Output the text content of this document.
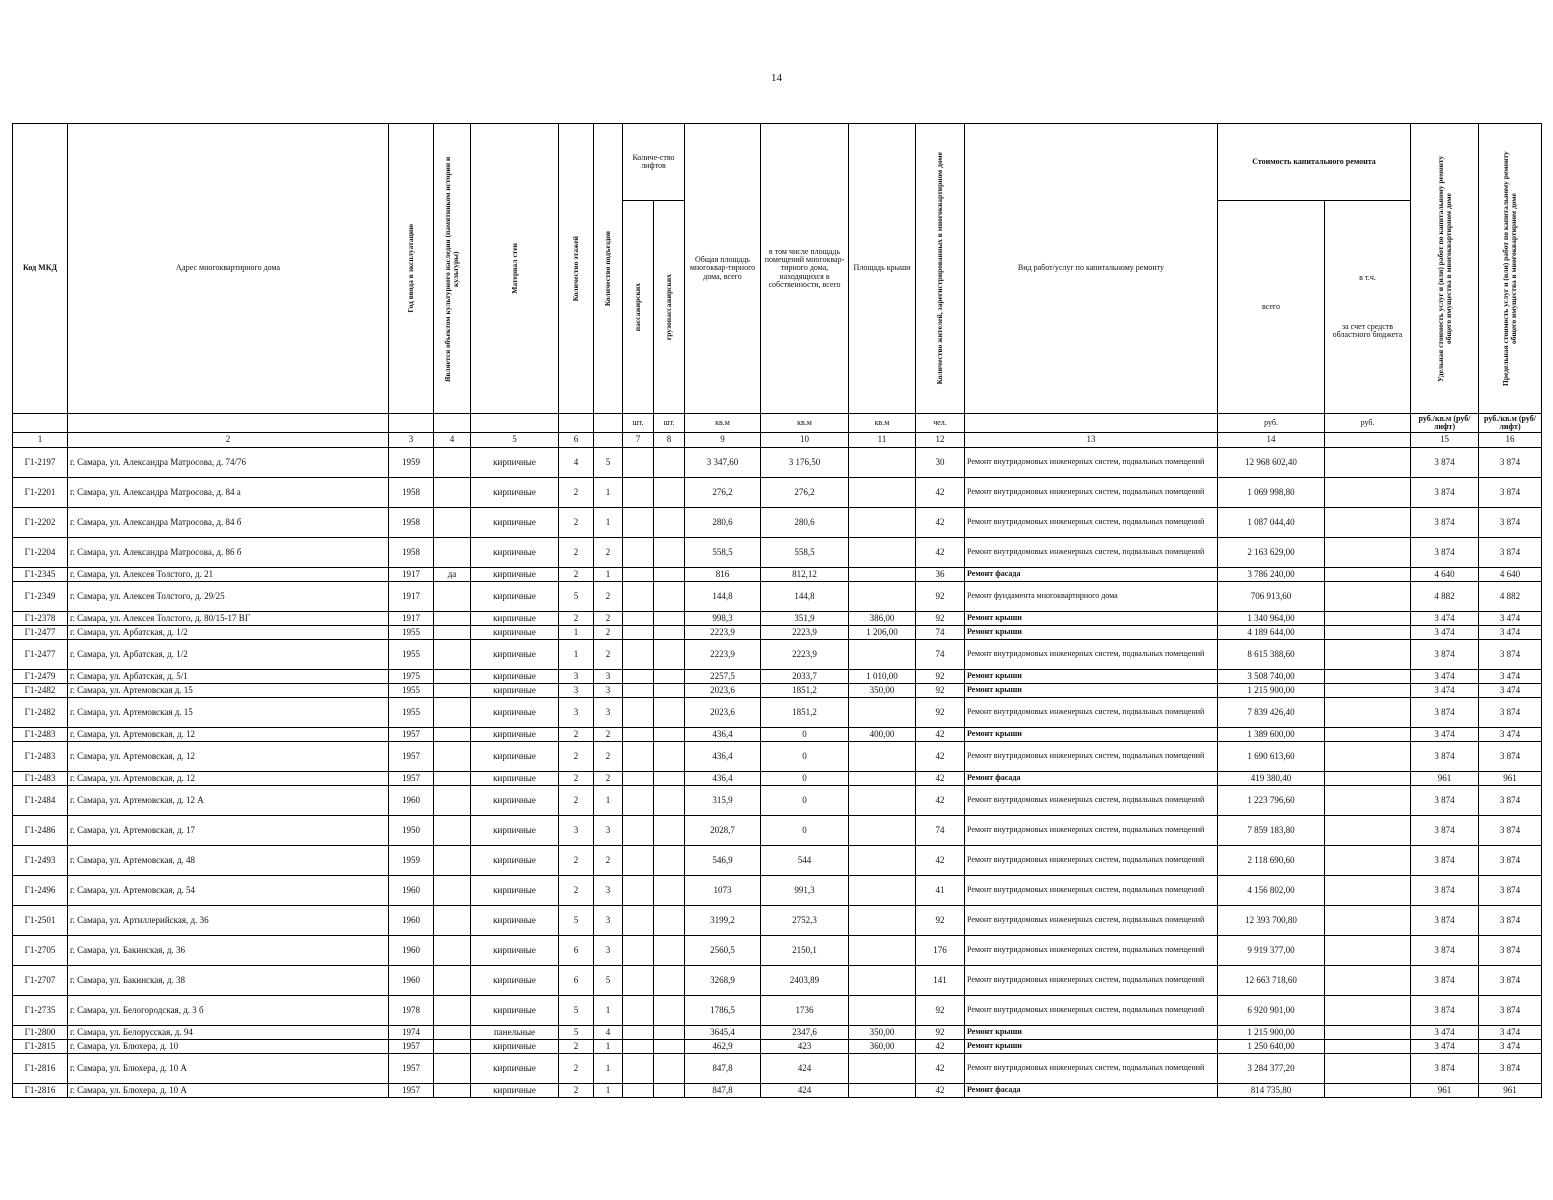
14
Код МКД	Адрес многоквартирного дома	Год ввода в эксплуатацию	Является объектом культурного наследия (памятником истории и культуры)	Материал стен	Количество этажей	Количество подъездов	Количе-ство лифтов		Общая площадь многоквар-тирного дома, всего	в том числе площадь помещений многоквар-тирного дома, находящихся в собственности, всего	Площадь крыши	Количество жителей, зарегистрированных в многоквартирном доме	Вид работ/услуг по капитальному ремонту	Стоимость капитального ремонта		Удельная стоимость услуг и (или) работ по капитальному ремонту общего имущества в многоквартирном доме	Предельная стоимость услуг и (или) работ по капитальному ремонту общего имущества в многоквартирном доме

							пассажирских	грузопассажирских						всего	в т.ч.
за счет средств областного бюджета		
							шт.	шт.	кв.м	кв.м	кв.м	чел.		руб.	руб.	руб./кв.м (руб/лифт)	руб./кв.м (руб/лифт)
1	2	3	4	5	6		7	8	9	10	11	12	13	14		15	16
Г1-2197	г. Самара, ул. Александра Матросова, д. 74/76	1959		кирпичные	4	5			3 347,60	3 176,50		30	Ремонт внутридомовых инженерных систем, подвальных помещений	12 968 602,40		3 874	3 874
Г1-2201	г. Самара, ул. Александра Матросова, д. 84 а	1958		кирпичные	2	1			276,2	276,2		42	Ремонт внутридомовых инженерных систем, подвальных помещений	1 069 998,80		3 874	3 874
Г1-2202	г. Самара, ул. Александра Матросова, д. 84 б	1958		кирпичные	2	1			280,6	280,6		42	Ремонт внутридомовых инженерных систем, подвальных помещений	1 087 044,40		3 874	3 874
Г1-2204	г. Самара, ул. Александра Матросова, д. 86 б	1958		кирпичные	2	2			558,5	558,5		42	Ремонт внутридомовых инженерных систем, подвальных помещений	2 163 629,00		3 874	3 874
Г1-2345	г. Самара, ул. Алексея Толстого, д. 21	1917	да	кирпичные	2	1			816	812,12		36	Ремонт фасада	3 786 240,00		4 640	4 640
Г1-2349	г. Самара, ул. Алексея Толстого, д. 29/25	1917		кирпичные	5	2			144,8	144,8		92	Ремонт фундамента многоквартирного дома	706 913,60		4 882	4 882
Г1-2378	г. Самара, ул. Алексея Толстого, д. 80/15-17 ВГ	1917		кирпичные	2	2			998,3	351,9	386,00	92	Ремонт крыши	1 340 964,00		3 474	3 474
Г1-2477	г. Самара, ул. Арбатская, д. 1/2	1955		кирпичные	1	2			2223,9	2223,9	1 206,00	74	Ремонт крыши	4 189 644,00		3 474	3 474
Г1-2477	г. Самара, ул. Арбатская, д. 1/2	1955		кирпичные	1	2			2223,9	2223,9		74	Ремонт внутридомовых инженерных систем, подвальных помещений	8 615 388,60		3 874	3 874
Г1-2479	г. Самара, ул. Арбатская, д. 5/1	1975		кирпичные	3	3			2257,5	2033,7	1 010,00	92	Ремонт крыши	3 508 740,00		3 474	3 474
Г1-2482	г. Самара, ул. Артемовская д. 15	1955		кирпичные	3	3			2023,6	1851,2	350,00	92	Ремонт крыши	1 215 900,00		3 474	3 474
Г1-2482	г. Самара, ул. Артемовская д. 15	1955		кирпичные	3	3			2023,6	1851,2		92	Ремонт внутридомовых инженерных систем, подвальных помещений	7 839 426,40		3 874	3 874
Г1-2483	г. Самара, ул. Артемовская, д. 12	1957		кирпичные	2	2			436,4	0	400,00	42	Ремонт крыши	1 389 600,00		3 474	3 474
Г1-2483	г. Самара, ул. Артемовская, д. 12	1957		кирпичные	2	2			436,4	0		42	Ремонт внутридомовых инженерных систем, подвальных помещений	1 690 613,60		3 874	3 874
Г1-2483	г. Самара, ул. Артемовская, д. 12	1957		кирпичные	2	2			436,4	0		42	Ремонт фасада	419 380,40		961	961
Г1-2484	г. Самара, ул. Артемовская, д. 12 А	1960		кирпичные	2	1			315,9	0		42	Ремонт внутридомовых инженерных систем, подвальных помещений	1 223 796,60		3 874	3 874
Г1-2486	г. Самара, ул. Артемовская, д. 17	1950		кирпичные	3	3			2028,7	0		74	Ремонт внутридомовых инженерных систем, подвальных помещений	7 859 183,80		3 874	3 874
Г1-2493	г. Самара, ул. Артемовская, д. 48	1959		кирпичные	2	2			546,9	544		42	Ремонт внутридомовых инженерных систем, подвальных помещений	2 118 690,60		3 874	3 874
Г1-2496	г. Самара, ул. Артемовская, д. 54	1960		кирпичные	2	3			1073	991,3		41	Ремонт внутридомовых инженерных систем, подвальных помещений	4 156 802,00		3 874	3 874
Г1-2501	г. Самара, ул. Артиллерийская, д. 36	1960		кирпичные	5	3			3199,2	2752,3		92	Ремонт внутридомовых инженерных систем, подвальных помещений	12 393 700,80		3 874	3 874
Г1-2705	г. Самара, ул. Бакинская, д. 36	1960		кирпичные	6	3			2560,5	2150,1		176	Ремонт внутридомовых инженерных систем, подвальных помещений	9 919 377,00		3 874	3 874
Г1-2707	г. Самара, ул. Бакинская, д. 38	1960		кирпичные	6	5			3268,9	2403,89		141	Ремонт внутридомовых инженерных систем, подвальных помещений	12 663 718,60		3 874	3 874
Г1-2735	г. Самара, ул. Белогородская, д. 3 б	1978		кирпичные	5	1			1786,5	1736		92	Ремонт внутридомовых инженерных систем, подвальных помещений	6 920 901,00		3 874	3 874
Г1-2800	г. Самара, ул. Белорусская, д. 94	1974		панельные	5	4			3645,4	2347,6	350,00	92	Ремонт крыши	1 215 900,00		3 474	3 474
Г1-2815	г. Самара, ул. Блюхера, д. 10	1957		кирпичные	2	1			462,9	423	360,00	42	Ремонт крыши	1 250 640,00		3 474	3 474
Г1-2816	г. Самара, ул. Блюхера, д. 10 А	1957		кирпичные	2	1			847,8	424		42	Ремонт внутридомовых инженерных систем, подвальных помещений	3 284 377,20		3 874	3 874
Г1-2816	г. Самара, ул. Блюхера, д. 10 А	1957		кирпичные	2	1			847,8	424		42	Ремонт фасада	814 735,80		961	961
